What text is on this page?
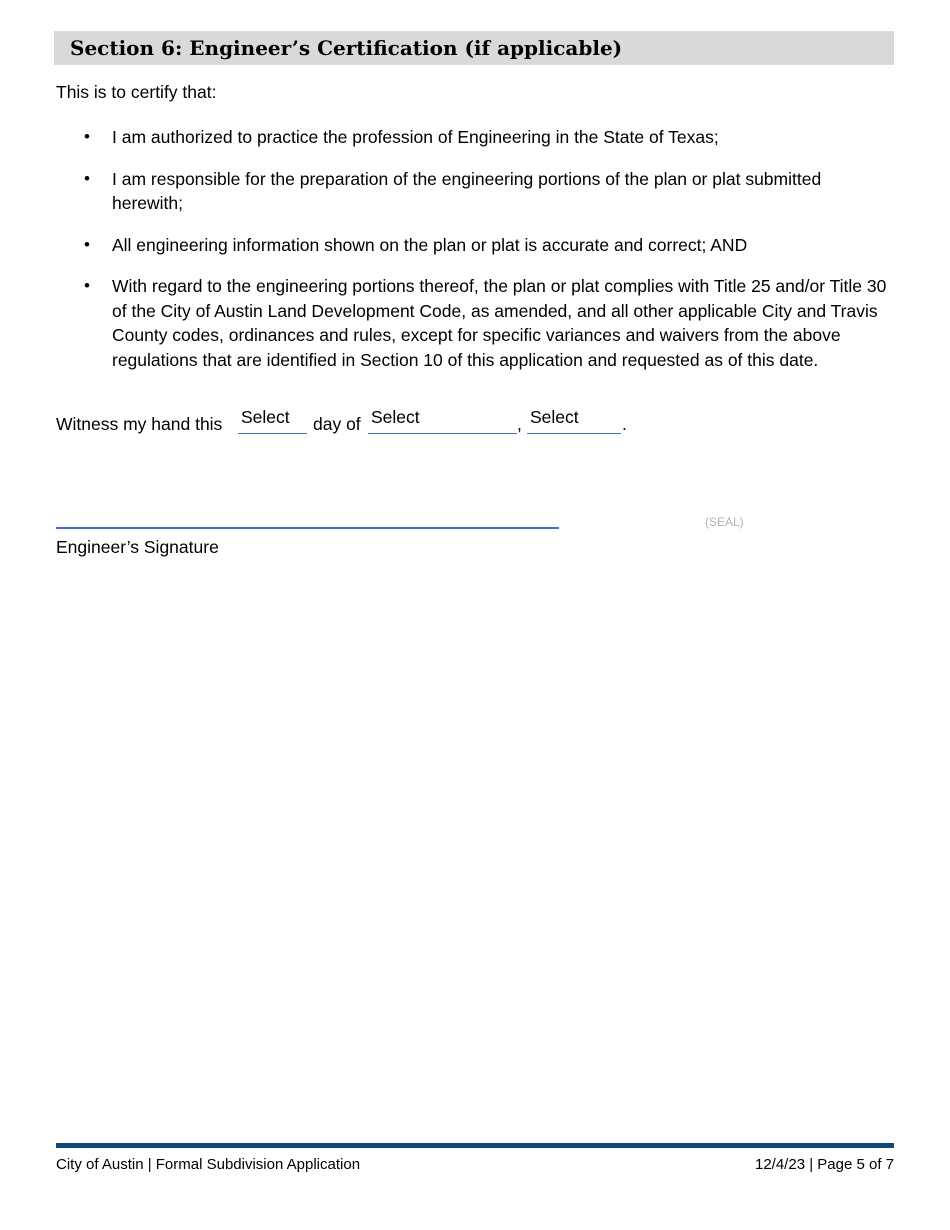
Section 6: Engineer’s Certification (if applicable)
This is to certify that:
• I am authorized to practice the profession of Engineering in the State of Texas;
• I am responsible for the preparation of the engineering portions of the plan or plat submitted herewith;
• All engineering information shown on the plan or plat is accurate and correct; AND
• With regard to the engineering portions thereof, the plan or plat complies with Title 25 and/or Title 30 of the City of Austin Land Development Code, as amended, and all other applicable City and Travis County codes, ordinances and rules, except for specific variances and waivers from the above regulations that are identified in Section 10 of this application and requested as of this date.
Witness my hand this Select day of Select	, Select .
(SEAL)
Engineer’s Signature
City of Austin | Formal Subdivision Application	12/4/23 | Page 5 of 7
